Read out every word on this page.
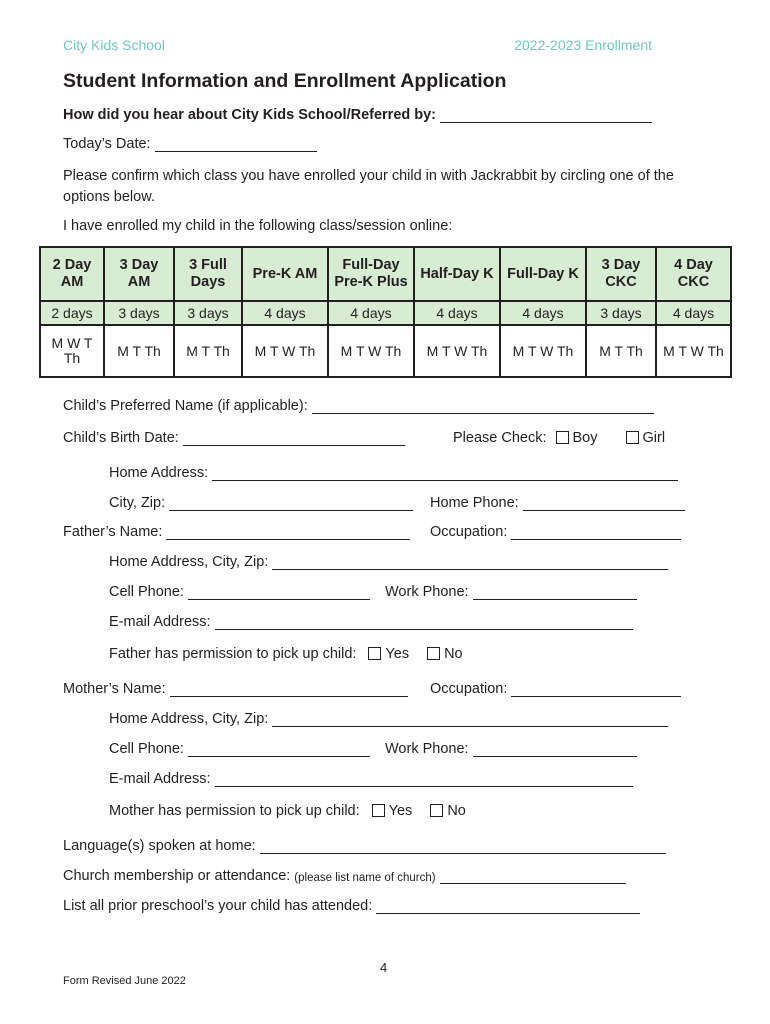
City Kids School	2022-2023 Enrollment
Student Information and Enrollment Application
How did you hear about City Kids School/Referred by:
Today’s Date:
Please confirm which class you have enrolled your child in with Jackrabbit by circling one of the options below.
I have enrolled my child in the following class/session online:
2 Day AM	3 Day AM	3 Full Days	Pre-K AM	Full-Day Pre-K Plus	Half-Day K	Full-Day K	3 Day CKC	4 Day CKC
2 days	3 days	3 days	4 days	4 days	4 days	4 days	3 days	4 days
M W T Th	M T Th	M T Th	M T W Th	M T W Th	M T W Th	M T W Th	M T Th	M T W Th
Child’s Preferred Name (if applicable):
Child’s Birth Date:	Please Check: Boy	Girl
Home Address:
City, Zip:	Home Phone:
Father’s Name:	Occupation:
Home Address, City, Zip:
Cell Phone:	Work Phone:
E-mail Address:
Father has permission to pick up child: Yes No
Mother’s Name:	Occupation:
Home Address, City, Zip:
Cell Phone:	Work Phone:
E-mail Address:
Mother has permission to pick up child: Yes No
Language(s) spoken at home:
Church membership or attendance: (please list name of church)
List all prior preschool’s your child has attended:
4
Form Revised June 2022
